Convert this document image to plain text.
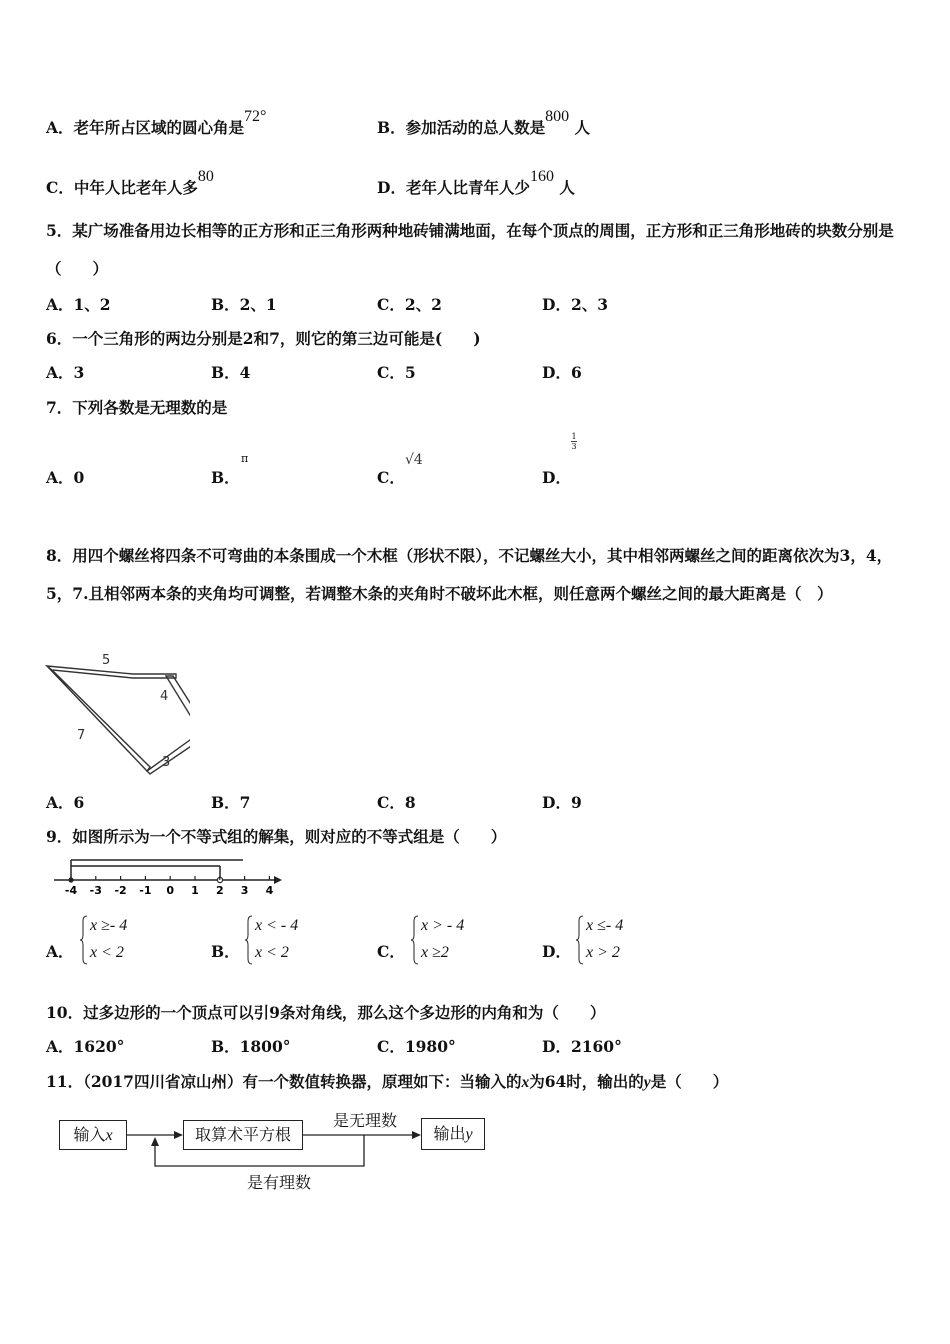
A．老年所占区域的圆心角是72°
B．参加活动的总人数是800 人
C．中年人比老年人多80
D．老年人比青年人少160 人
5．某广场准备用边长相等的正方形和正三角形两种地砖铺满地面，在每个顶点的周围，正方形和正三角形地砖的块数分别是（　　）
A．1、2	B．2、1	C．2、2	D．2、3
6．一个三角形的两边分别是2和7，则它的第三边可能是(　　)
A．3	B．4	C．5	D．6
7．下列各数是无理数的是
A．0	B．
π
C．
√4
D．
1

3
8．用四个螺丝将四条不可弯曲的本条围成一个木框（形状不限），不记螺丝大小，其中相邻两螺丝之间的距离依次为3，4，5，7.且相邻两本条的夹角均可调整，若调整木条的夹角时不破坏此木框，则任意两个螺丝之间的最大距离是（　）
5
4
7
3
A．6	B．7	C．8	D．9
9．如图所示为一个不等式组的解集，则对应的不等式组是（　　）
-4 -3 -2 -1 0 1 2 3 4
A．
x ≥- 4
x < 2	B．
x < - 4
x < 2	C．
x > - 4
x ≥2	D．
x ≤- 4
x > 2
10．过多边形的一个顶点可以引9条对角线，那么这个多边形的内角和为（　　）
A．1620°	B．1800°	C．1980°	D．2160°
11．（2017四川省凉山州）有一个数值转换器，原理如下：当输入的x为64时，输出的y是（　　）
输入x	取算术平方根	输出y
是无理数
是有理数
